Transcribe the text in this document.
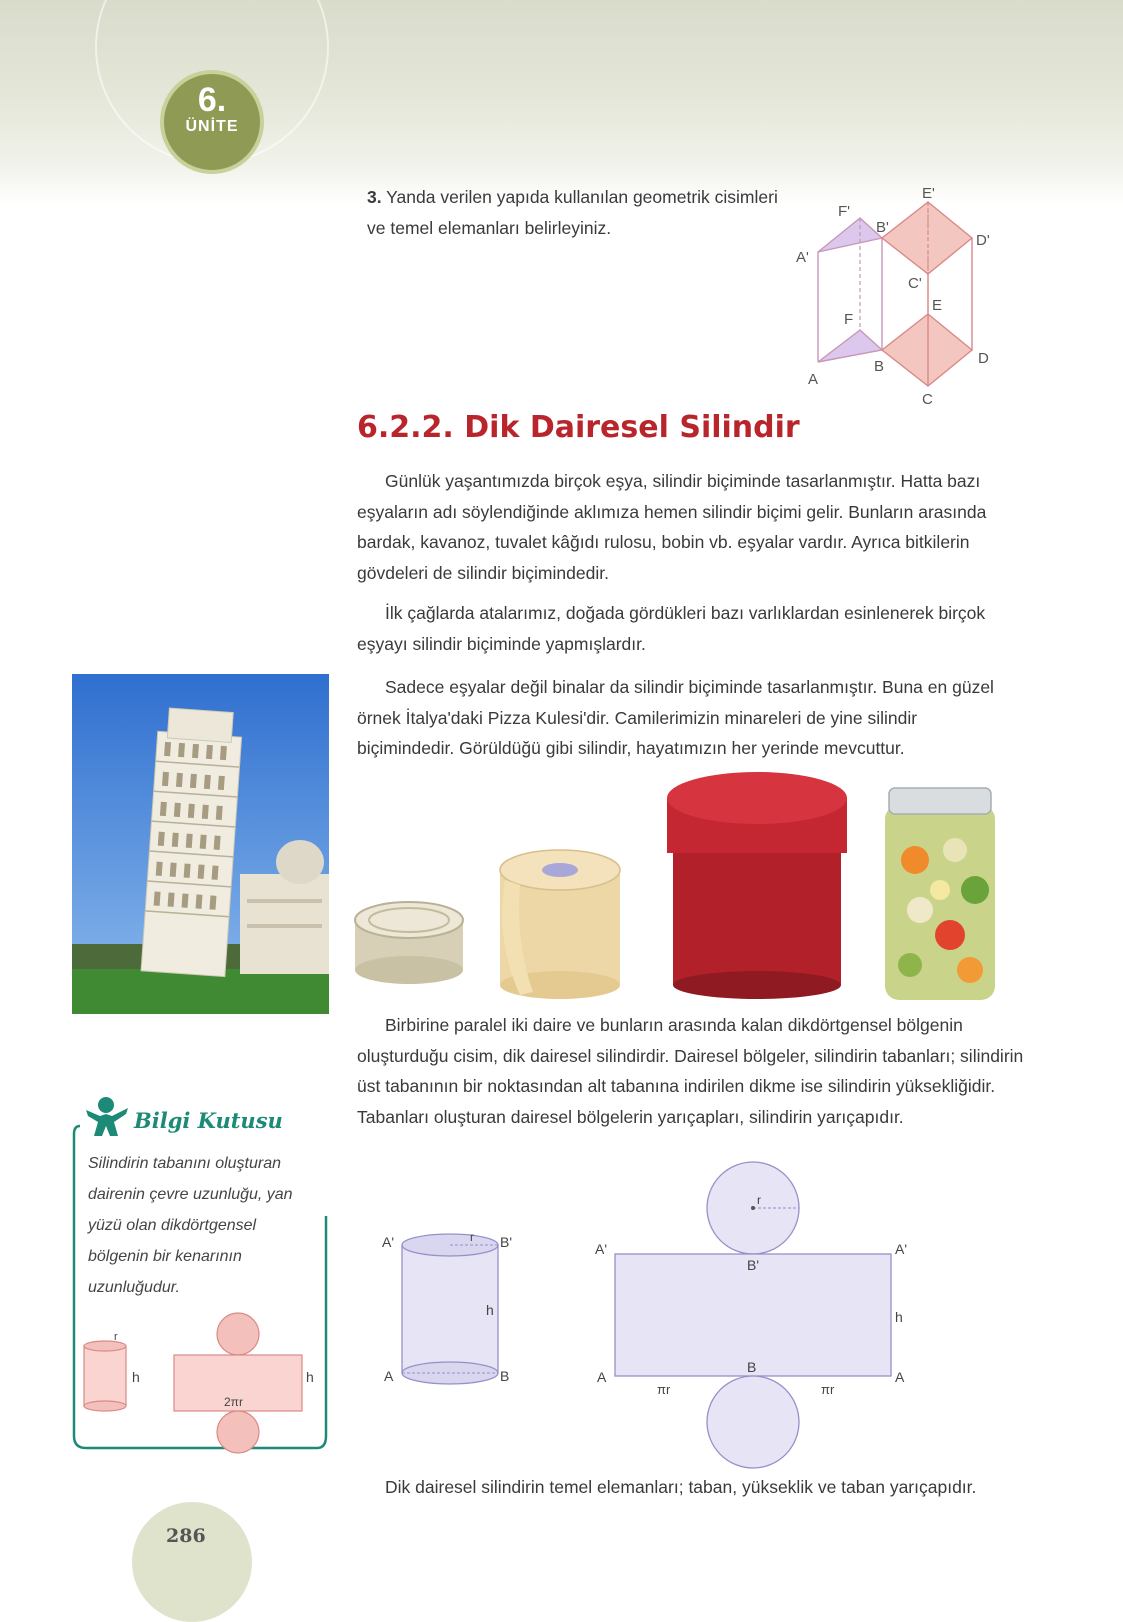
6.
ÜNİTE

3. Yanda verilen yapıda kullanılan geometrik cisimleri ve temel elemanları belirleyiniz.

F'
E'
B'
A'
D'
C'
E
F
D
B
A
C
6.2.2. Dik Dairesel Silindir

Günlük yaşantımızda birçok eşya, silindir biçiminde tasarlanmıştır. Hatta bazı eşyaların adı söylendiğinde aklımıza hemen silindir biçimi gelir. Bunların arasında bardak, kavanoz, tuvalet kâğıdı rulosu, bobin vb. eşyalar vardır. Ayrıca bitkilerin gövdeleri de silindir biçimindedir.

İlk çağlarda atalarımız, doğada gördükleri bazı varlıklardan esinlenerek birçok eşyayı silindir biçiminde yapmışlardır.

Sadece eşyalar değil binalar da silindir biçiminde tasarlanmıştır. Buna en güzel örnek İtalya'daki Pizza Kulesi'dir. Camilerimizin minareleri de yine silindir biçimindedir. Görüldüğü gibi silindir, hayatımızın her yerinde mevcuttur.

Birbirine paralel iki daire ve bunların arasında kalan dikdörtgensel bölgenin oluşturduğu cisim, dik dairesel silindirdir. Dairesel bölgeler, silindirin tabanları; silindirin üst tabanının bir noktasından alt tabanına indirilen dikme ise silindirin yüksekliğidir. Tabanları oluşturan dairesel bölgelerin yarıçapları, silindirin yarıçapıdır.

A'	B'
r
h
A	B
r
A'
B'
A'
h
A
B
A
πr	πr

Dik dairesel silindirin temel elemanları; taban, yükseklik ve taban yarıçapıdır.

Bilgi Kutusu

Silindirin tabanını oluşturan dairenin çevre uzunluğu, yan yüzü olan dikdörtgensel bölgenin bir kenarının uzunluğudur.

r
h	h
2πr

286
